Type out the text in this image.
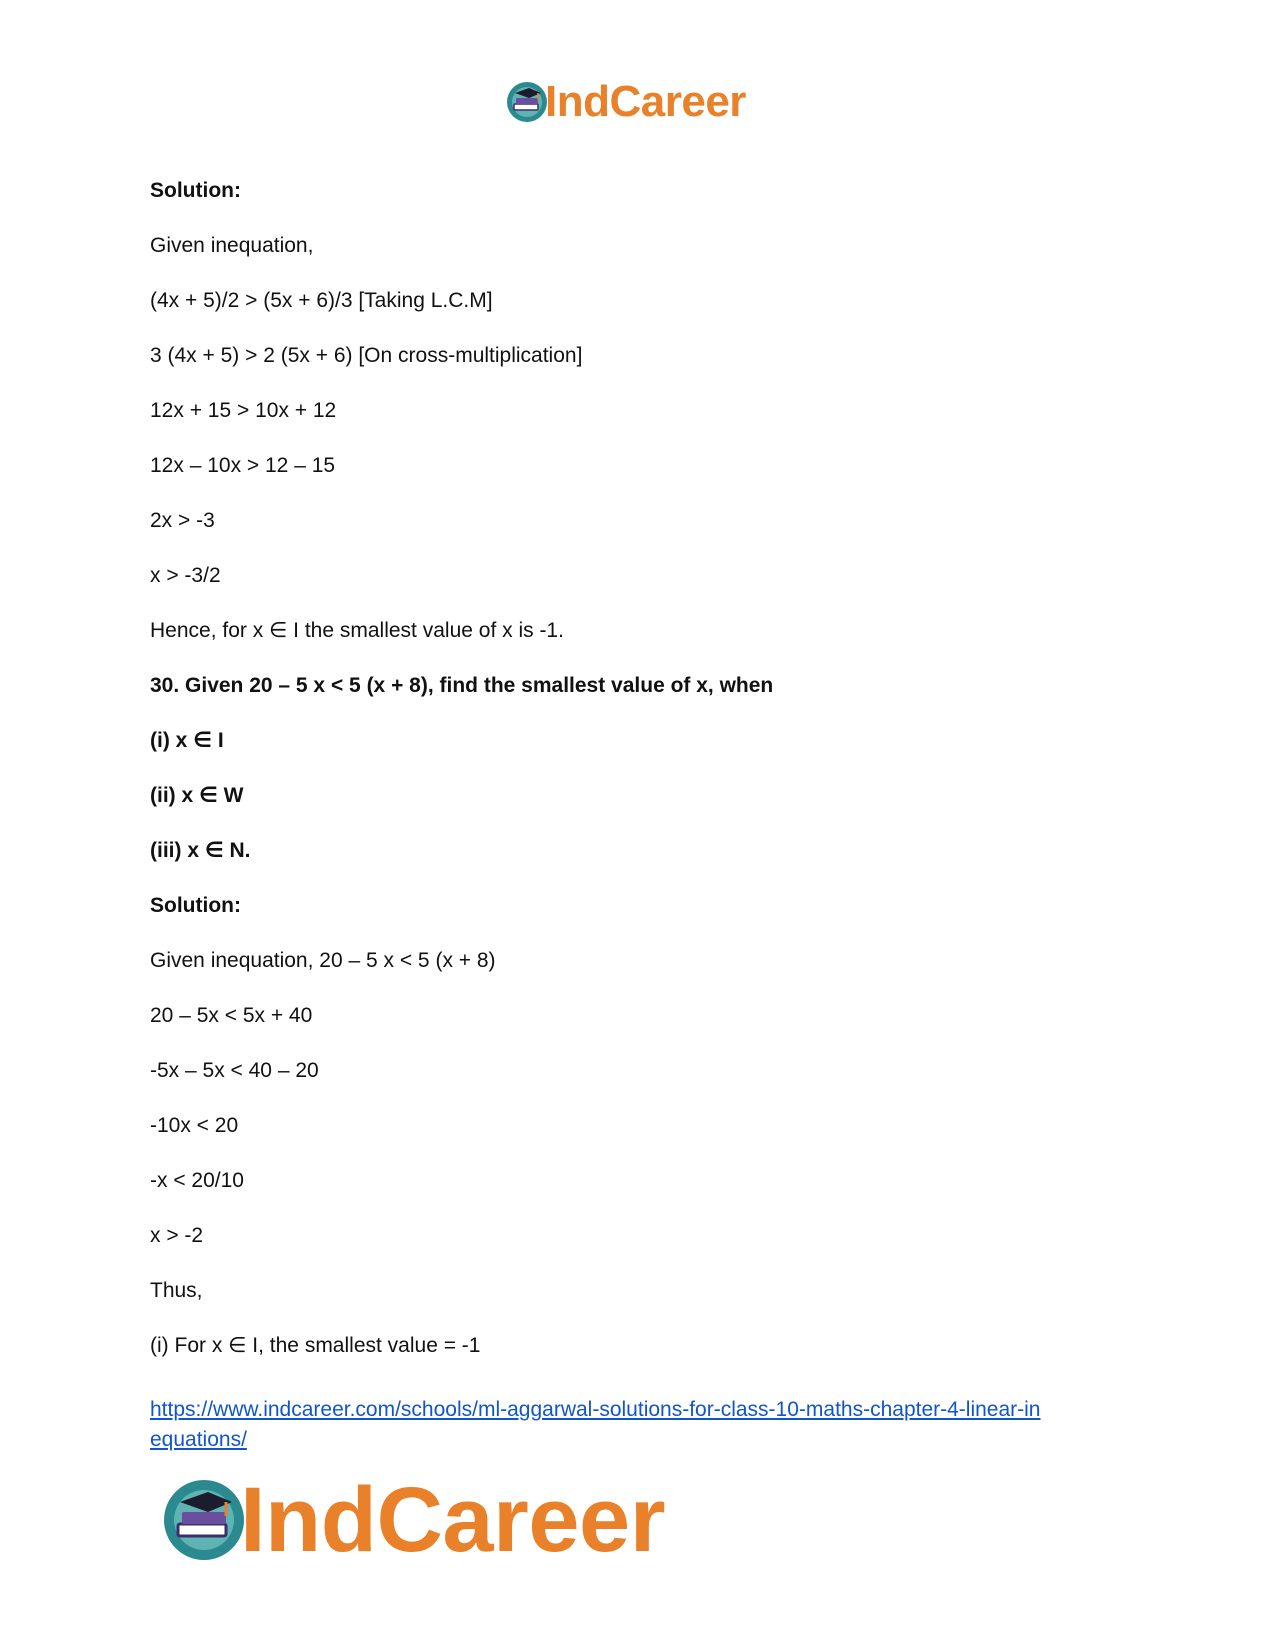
IndCareer
Solution:
Given inequation,
(4x + 5)/2 > (5x + 6)/3 [Taking L.C.M]
3 (4x + 5) > 2 (5x + 6) [On cross-multiplication]
12x + 15 > 10x + 12
12x – 10x > 12 – 15
2x > -3
x > -3/2
Hence, for x ∈ I the smallest value of x is -1.
30. Given 20 – 5 x < 5 (x + 8), find the smallest value of x, when
(i) x ∈ I
(ii) x ∈ W
(iii) x ∈ N.
Solution:
Given inequation, 20 – 5 x < 5 (x + 8)
20 – 5x < 5x + 40
-5x – 5x < 40 – 20
-10x < 20
-x < 20/10
x > -2
Thus,
(i) For x ∈ I, the smallest value = -1
https://www.indcareer.com/schools/ml-aggarwal-solutions-for-class-10-maths-chapter-4-linear-in
equations/
IndCareer
